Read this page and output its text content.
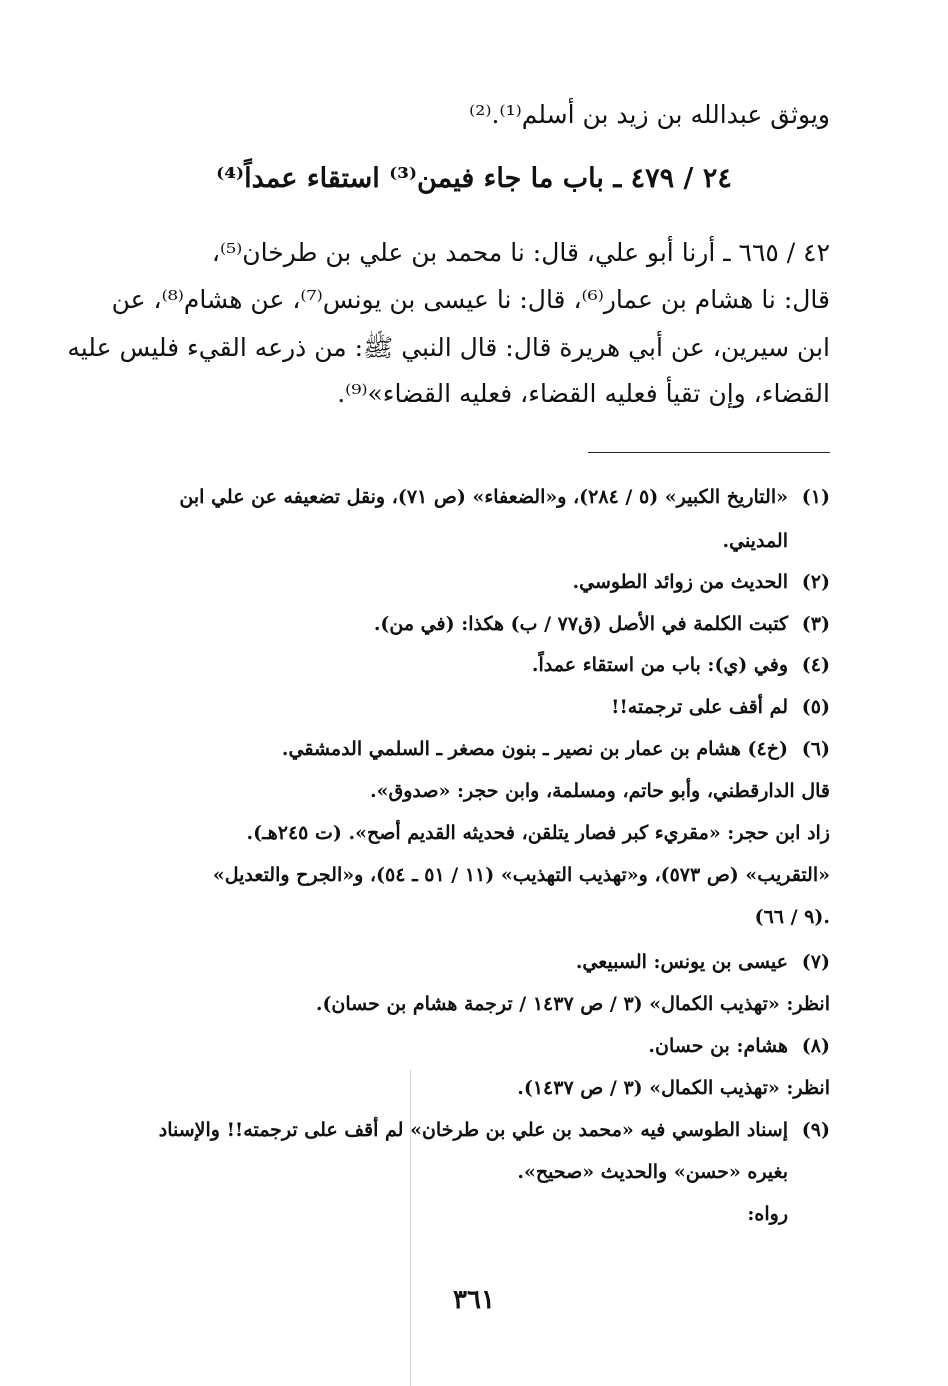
ويوثق عبدالله بن زيد بن أسلم⁽¹⁾.⁽²⁾
٢٤ / ٤٧٩ ـ باب ما جاء فيمن⁽³⁾ استقاء عمداً⁽⁴⁾
٤٢ / ٦٦٥ ـ أرنا أبو علي، قال: نا محمد بن علي بن طرخان⁽⁵⁾،
قال: نا هشام بن عمار⁽⁶⁾، قال: نا عيسى بن يونس⁽⁷⁾، عن هشام⁽⁸⁾، عن
ابن سيرين، عن أبي هريرة قال: قال النبي ﷺ: من ذرعه القيء فليس عليه
القضاء، وإن تقيأ فعليه القضاء، فعليه القضاء»⁽⁹⁾.
(١)
«التاريخ الكبير» (٥ / ٢٨٤)، و«الضعفاء» (ص ٧١)، ونقل تضعيفه عن علي ابن
المديني.
(٢)
الحديث من زوائد الطوسي.
(٣)
كتبت الكلمة في الأصل (ق٧٧ / ب) هكذا: (في من).
(٤)
وفي (ي): باب من استقاء عمداً.
(٥)
لم أقف على ترجمته!!
(٦)
(خ٤) هشام بن عمار بن نصير ـ بنون مصغر ـ السلمي الدمشقي.
قال الدارقطني، وأبو حاتم، ومسلمة، وابن حجر: «صدوق».
زاد ابن حجر: «مقريء كبر فصار يتلقن، فحديثه القديم أصح». (ت ٢٤٥هـ).
«التقريب» (ص ٥٧٣)، و«تهذيب التهذيب» (١١ / ٥١ ـ ٥٤)، و«الجرح والتعديل»
(٩ / ٦٦).
(٧)
عيسى بن يونس: السبيعي.
انظر: «تهذيب الكمال» (٣ / ص ١٤٣٧ / ترجمة هشام بن حسان).
(٨)
هشام: بن حسان.
انظر: «تهذيب الكمال» (٣ / ص ١٤٣٧).
(٩)
إسناد الطوسي فيه «محمد بن علي بن طرخان» لم أقف على ترجمته!! والإسناد
بغيره «حسن» والحديث «صحيح».
رواه:
٣٦١
